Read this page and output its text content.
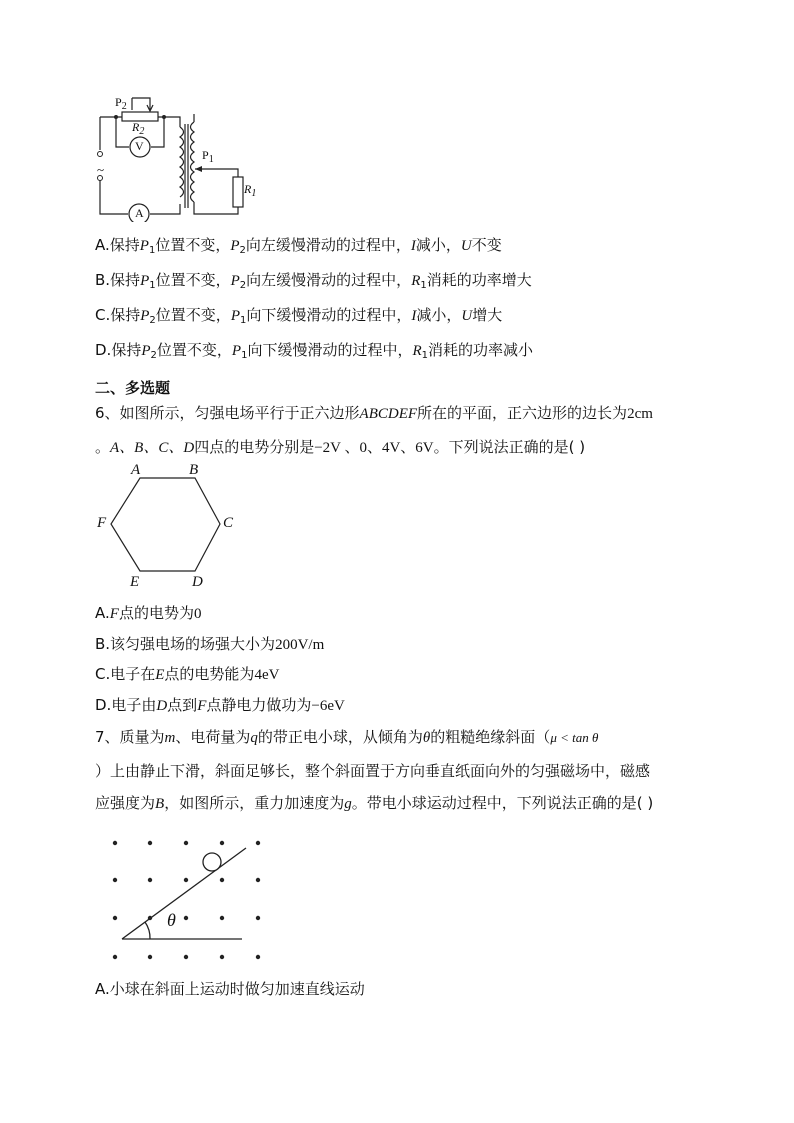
$P_2$
$R_2$
V
A
$P_1$
$R_1$
~
A.保持$P_1$位置不变，$P_2$向左缓慢滑动的过程中，I减小，U不变
B.保持$P_1$位置不变，$P_2$向左缓慢滑动的过程中，$R_1$消耗的功率增大
C.保持$P_2$位置不变，$P_1$向下缓慢滑动的过程中，I减小，U增大
D.保持$P_2$位置不变，$P_1$向下缓慢滑动的过程中，$R_1$消耗的功率减小
二、多选题
6、如图所示，匀强电场平行于正六边形ABCDEF所在的平面，正六边形的边长为2cm
。A、B、C、D四点的电势分别是−2V 、0、4V、6V。下列说法正确的是( )
A	B
C
D
E
F
A.F点的电势为0
B.该匀强电场的场强大小为200V/m
C.电子在E点的电势能为4eV
D.电子由D点到F点静电力做功为−6eV
7、质量为m、电荷量为q的带正电小球，从倾角为θ的粗糙绝缘斜面（μ < tan θ
）上由静止下滑，斜面足够长，整个斜面置于方向垂直纸面向外的匀强磁场中，磁感
应强度为B，如图所示，重力加速度为g。带电小球运动过程中，下列说法正确的是( )
θ
A.小球在斜面上运动时做匀加速直线运动
